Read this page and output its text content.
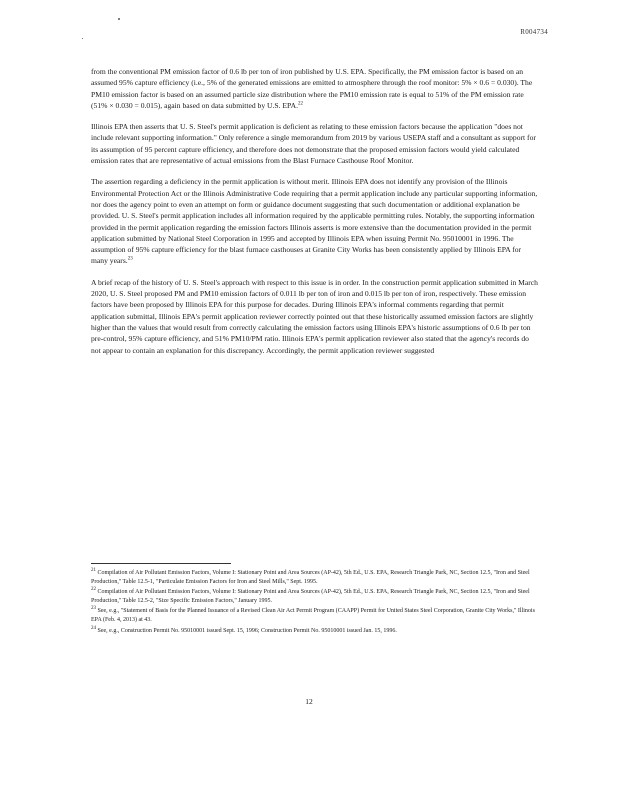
R004734

from the conventional PM emission factor of 0.6 lb per ton of iron published by U.S. EPA. Specifically, the PM emission factor is based on an assumed 95% capture efficiency (i.e., 5% of the generated emissions are emitted to atmosphere through the roof monitor: 5% × 0.6 = 0.030). The PM10 emission factor is based on an assumed particle size distribution where the PM10 emission rate is equal to 51% of the PM emission rate (51% × 0.030 = 0.015), again based on data submitted by U.S. EPA.$^{22}$

Illinois EPA then asserts that U. S. Steel's permit application is deficient as relating to these emission factors because the application "does not include relevant supporting information." Only reference a single memorandum from 2019 by various USEPA staff and a consultant as support for its assumption of 95 percent capture efficiency, and therefore does not demonstrate that the proposed emission factors would yield calculated emission rates that are representative of actual emissions from the Blast Furnace Casthouse Roof Monitor.

The assertion regarding a deficiency in the permit application is without merit. Illinois EPA does not identify any provision of the Illinois Environmental Protection Act or the Illinois Administrative Code requiring that a permit application include any particular supporting information, nor does the agency point to even an attempt on form or guidance document suggesting that such documentation or additional explanation be provided. U. S. Steel's permit application includes all information required by the applicable permitting rules. Notably, the supporting information provided in the permit application regarding the emission factors Illinois asserts is more extensive than the documentation provided in the permit application submitted by National Steel Corporation in 1995 and accepted by Illinois EPA when issuing Permit No. 95010001 in 1996. The assumption of 95% capture efficiency for the blast furnace casthouses at Granite City Works has been consistently applied by Illinois EPA for many years.$^{23}$

A brief recap of the history of U. S. Steel's approach with respect to this issue is in order. In the construction permit application submitted in March 2020, U. S. Steel proposed PM and PM10 emission factors of 0.011 lb per ton of iron and 0.015 lb per ton of iron, respectively. These emission factors have been proposed by Illinois EPA for this purpose for decades. During Illinois EPA's informal comments regarding that permit application submittal, Illinois EPA's permit application reviewer correctly pointed out that these historically assumed emission factors are slightly higher than the values that would result from correctly calculating the emission factors using Illinois EPA's historic assumptions of 0.6 lb per ton pre-control, 95% capture efficiency, and 51% PM10/PM ratio. Illinois EPA's permit application reviewer also stated that the agency's records do not appear to contain an explanation for this discrepancy. Accordingly, the permit application reviewer suggested

$^{21}$ Compilation of Air Pollutant Emission Factors, Volume I: Stationary Point and Area Sources (AP-42), 5th Ed., U.S. EPA, Research Triangle Park, NC, Section 12.5, "Iron and Steel Production," Table 12.5-1, "Particulate Emission Factors for Iron and Steel Mills," Sept. 1995.

$^{22}$ Compilation of Air Pollutant Emission Factors, Volume I: Stationary Point and Area Sources (AP-42), 5th Ed., U.S. EPA, Research Triangle Park, NC, Section 12.5, "Iron and Steel Production," Table 12.5-2, "Size Specific Emission Factors," January 1995.

$^{23}$ See, e.g., "Statement of Basis for the Planned Issuance of a Revised Clean Air Act Permit Program (CAAPP) Permit for United States Steel Corporation, Granite City Works," Illinois EPA (Feb. 4, 2013) at 43.

$^{24}$ See, e.g., Construction Permit No. 95010001 issued Sept. 15, 1996; Construction Permit No. 95010001 issued Jan. 15, 1996.

12
